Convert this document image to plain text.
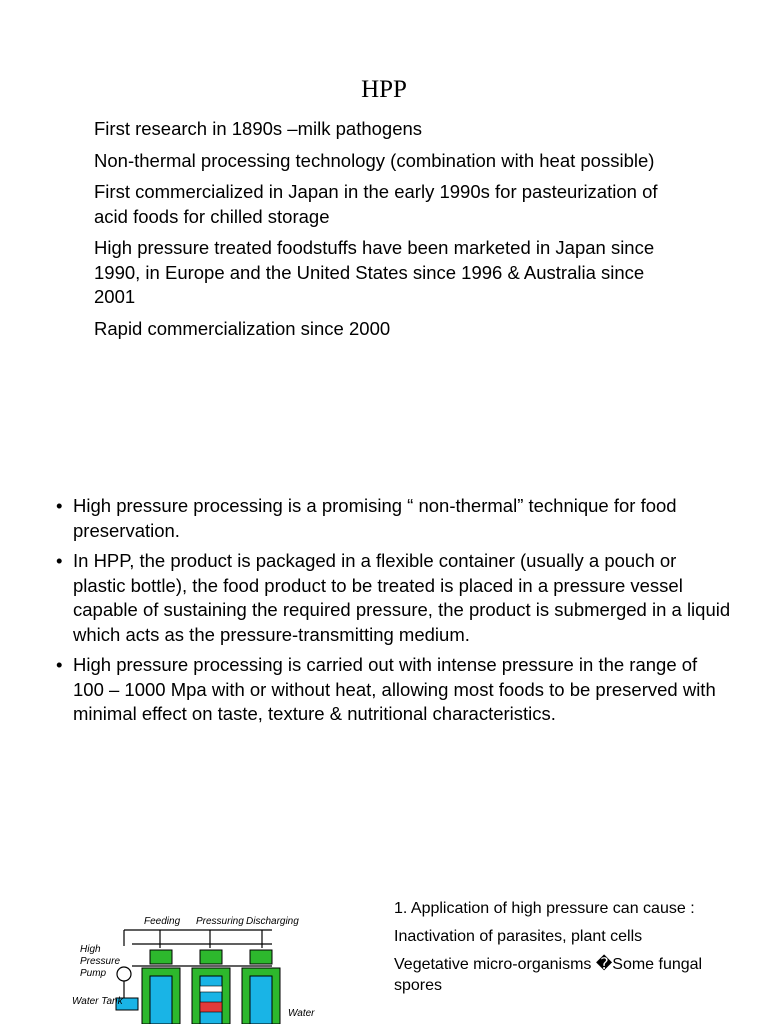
HPP
First research in 1890s –milk pathogens
Non-thermal processing technology (combination with heat possible)
First commercialized in Japan in the early 1990s for pasteurization of acid foods for chilled storage
High pressure treated foodstuffs have been marketed in Japan since 1990, in Europe and the United States since 1996 & Australia since 2001
Rapid commercialization since 2000
• High pressure processing is a promising “ non-thermal” technique for food preservation.
• In HPP, the product is packaged in a flexible container (usually a pouch or plastic bottle), the food product to be treated is placed in a pressure vessel capable of sustaining the required pressure, the product is submerged in a liquid which acts as the pressure-transmitting medium.
• High pressure processing is carried out with intense pressure in the range of 100 – 1000 Mpa with or without heat, allowing most foods to be preserved with minimal effect on taste, texture & nutritional characteristics.
Feeding Pressuring Discharging
High
Pressure
Pump
Water Tank
Water

1. Application of high pressure can cause :

Inactivation of parasites, plant cells

Vegetative micro-organisms �Some fungal spores
